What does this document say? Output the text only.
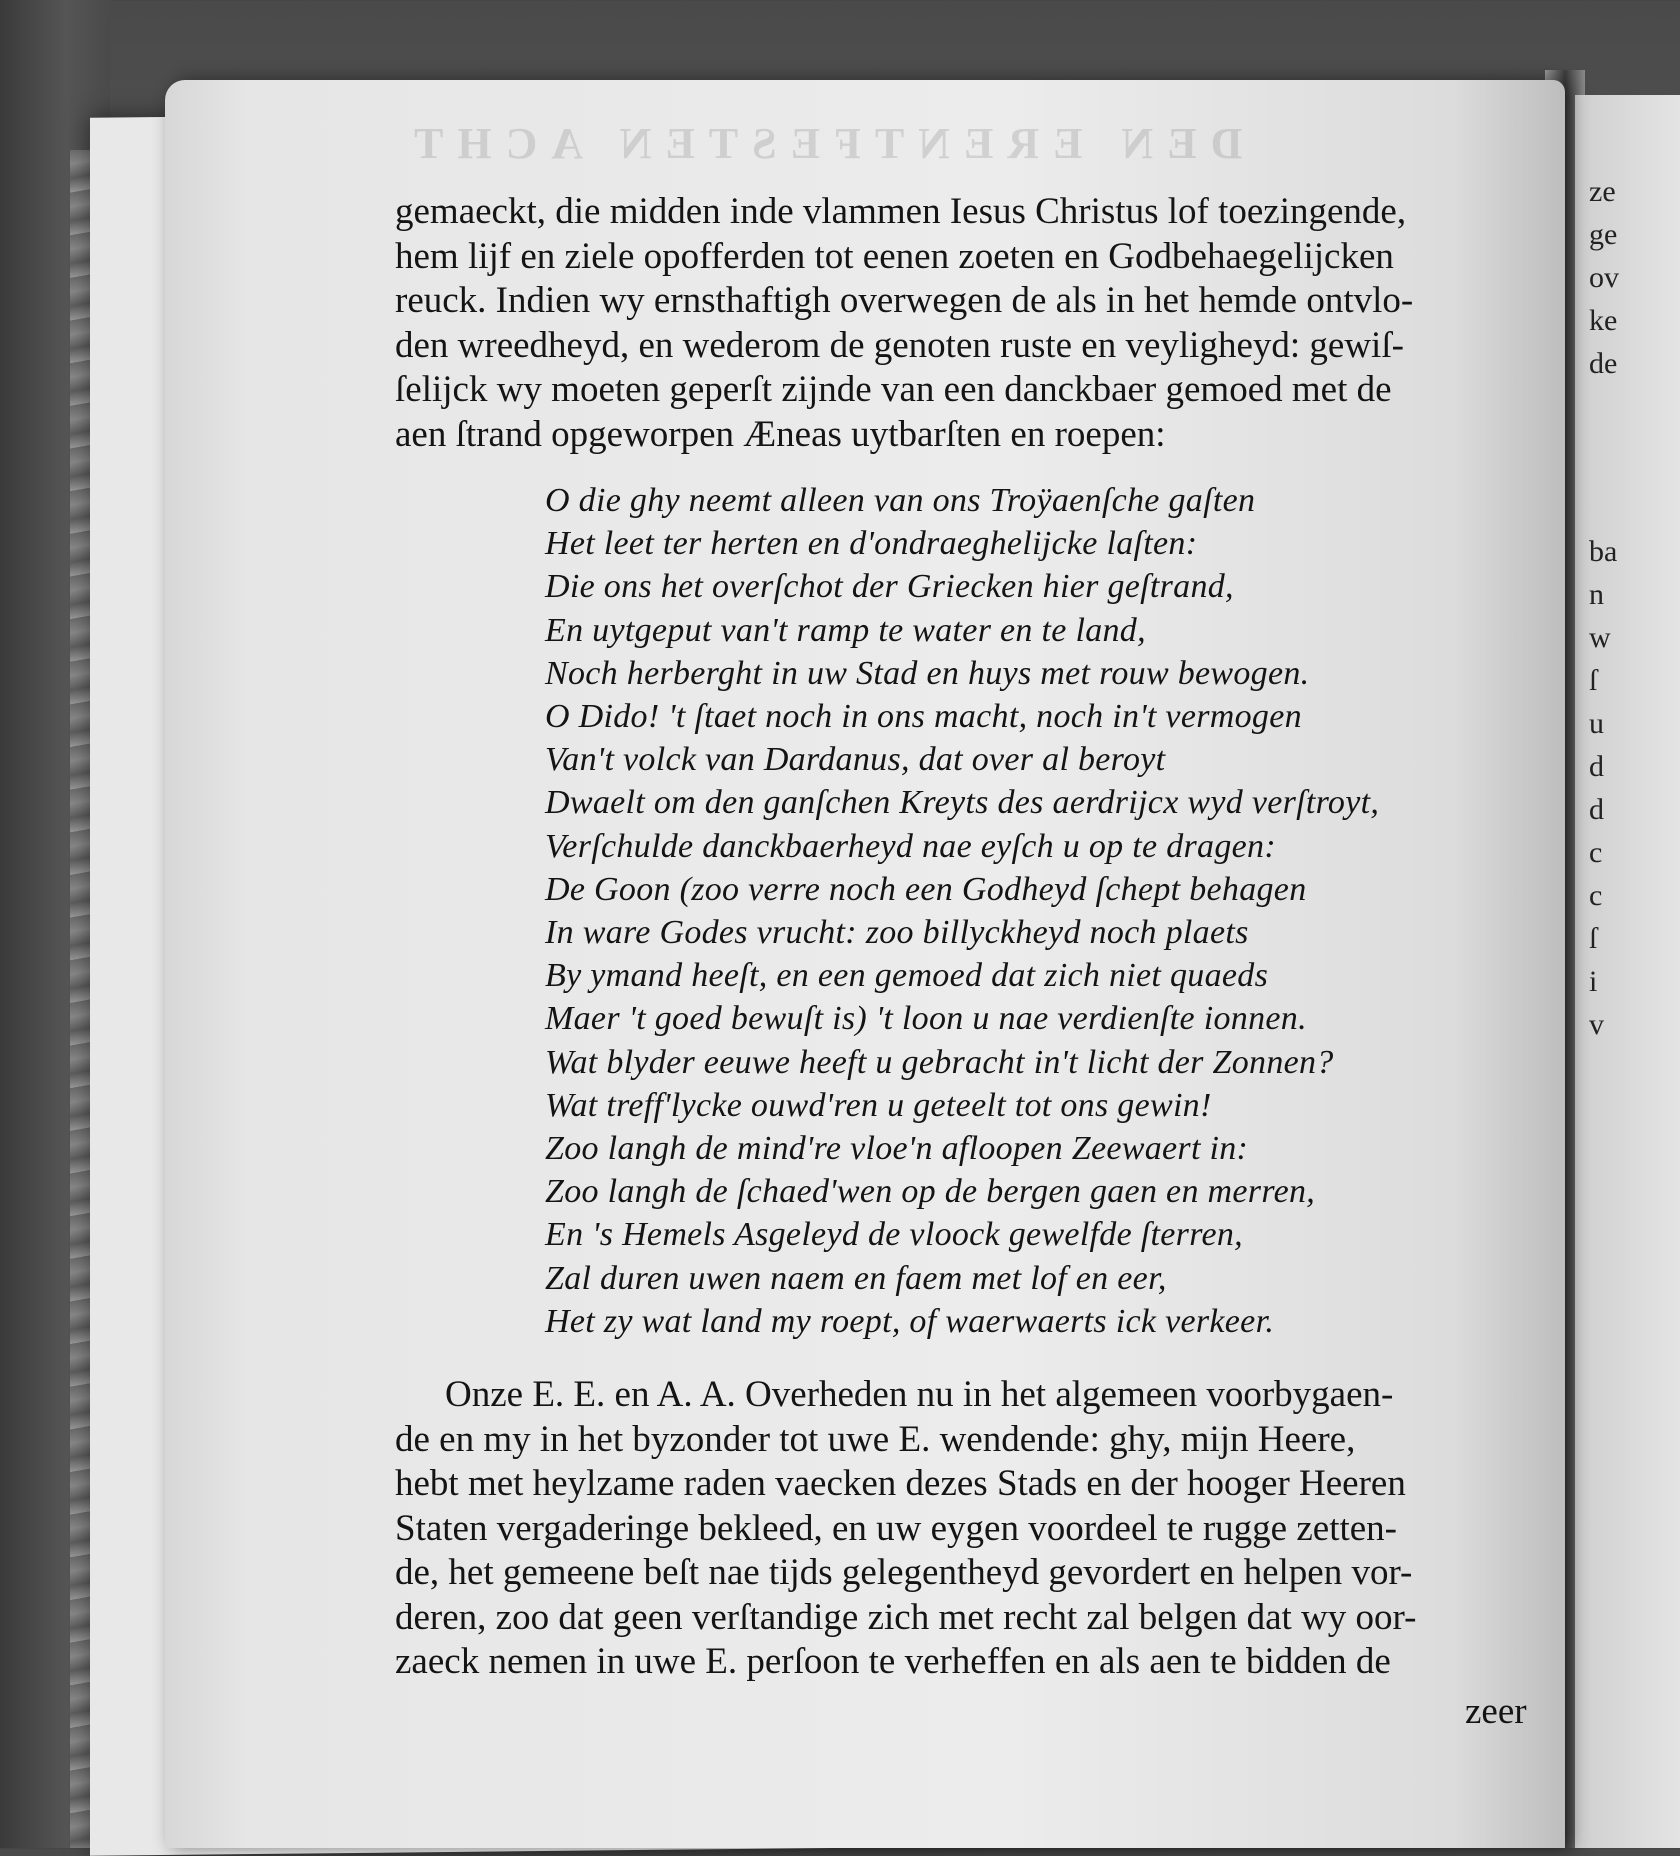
ze
ge
ov
ke
de
ba
n
w
ſ
u
d
d
c
c
ſ
i
v
DEN ERENTFESTEN ACHT

gemaeckt, die midden inde vlammen Iesus Christus lof toezingende,

hem lijf en ziele opofferden tot eenen zoeten en Godbehaegelijcken

reuck. Indien wy ernsthaftigh overwegen de als in het hemde ontvlo-

den wreedheyd, en wederom de genoten ruste en veyligheyd: gewiſ-

ſelijck wy moeten geperſt zijnde van een danckbaer gemoed met de

aen ſtrand opgeworpen Æneas uytbarſten en roepen:

O die ghy neemt alleen van ons Troÿaenſche gaſten

Het leet ter herten en d'ondraeghelijcke laſten:

Die ons het overſchot der Griecken hier geſtrand,

En uytgeput van't ramp te water en te land,

Noch herberght in uw Stad en huys met rouw bewogen.

O Dido! 't ſtaet noch in ons macht, noch in't vermogen

Van't volck van Dardanus, dat over al beroyt

Dwaelt om den ganſchen Kreyts des aerdrijcx wyd verſtroyt,

Verſchulde danckbaerheyd nae eyſch u op te dragen:

De Goon (zoo verre noch een Godheyd ſchept behagen

In ware Godes vrucht: zoo billyckheyd noch plaets

By ymand heeſt, en een gemoed dat zich niet quaeds

Maer 't goed bewuſt is) 't loon u nae verdienſte ionnen.

Wat blyder eeuwe heeft u gebracht in't licht der Zonnen?

Wat treff'lycke ouwd'ren u geteelt tot ons gewin!

Zoo langh de mind're vloe'n afloopen Zeewaert in:

Zoo langh de ſchaed'wen op de bergen gaen en merren,

En 's Hemels Asgeleyd de vloock gewelfde ſterren,

Zal duren uwen naem en faem met lof en eer,

Het zy wat land my roept, of waerwaerts ick verkeer.

Onze E. E. en A. A. Overheden nu in het algemeen voorbygaen-

de en my in het byzonder tot uwe E. wendende: ghy, mijn Heere,

hebt met heylzame raden vaecken dezes Stads en der hooger Heeren

Staten vergaderinge bekleed, en uw eygen voordeel te rugge zetten-

de, het gemeene beſt nae tijds gelegentheyd gevordert en helpen vor-

deren, zoo dat geen verſtandige zich met recht zal belgen dat wy oor-

zaeck nemen in uwe E. perſoon te verheffen en als aen te bidden de

zeer
